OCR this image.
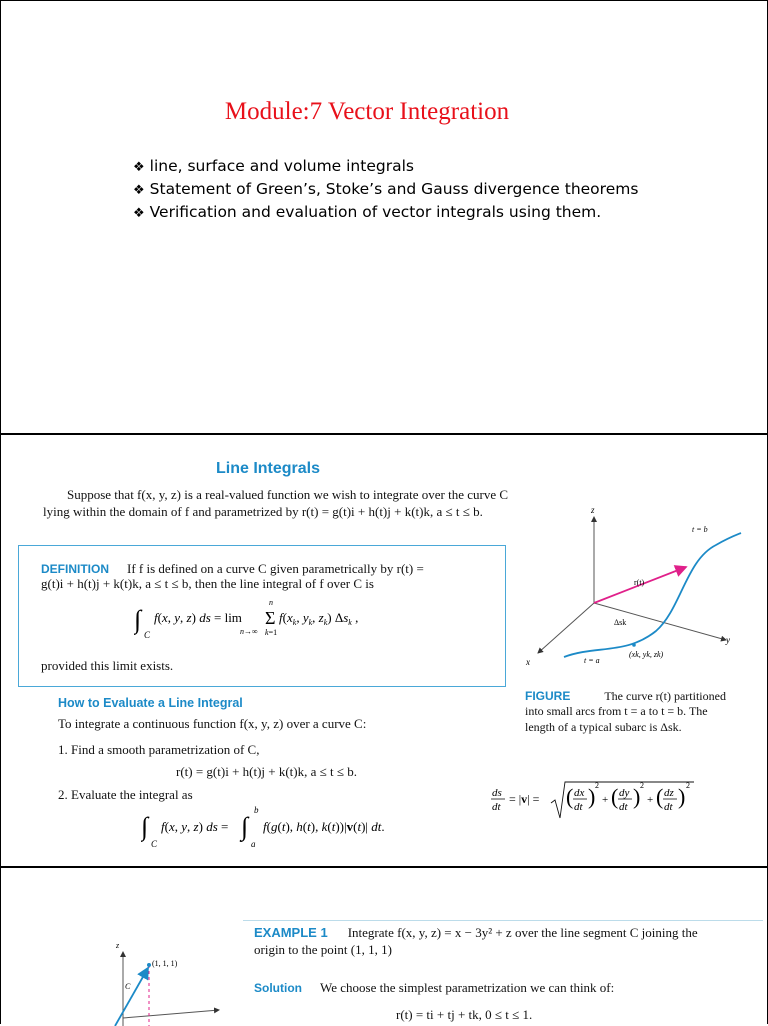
Module:7 Vector Integration
❖ line, surface and volume integrals
❖ Statement of Green’s, Stoke’s and Gauss divergence theorems
❖ Verification and evaluation of vector integrals using them.
Line Integrals
Suppose that f(x, y, z) is a real-valued function we wish to integrate over the curve C
lying within the domain of f and parametrized by r(t) = g(t)i + h(t)j + k(t)k, a ≤ t ≤ b.
DEFINITION If f is defined on a curve C given parametrically by r(t) =
g(t)i + h(t)j + k(t)k, a ≤ t ≤ b, then the line integral of f over C is
∫
C
f(x, y, z) ds = lim
n→∞
n
Σ
k=1
$f(x_k$, $y_k$, $z_k$) $\Delta s_k$ ,
provided this limit exists.
How to Evaluate a Line Integral
To integrate a continuous function f(x, y, z) over a curve C:
1. Find a smooth parametrization of C,
r(t) = g(t)i + h(t)j + k(t)k, a ≤ t ≤ b.
2. Evaluate the integral as
∫
C
f(x, y, z) ds = ∫
b
a
f(g(t), h(t), k(t))|v(t)| dt.
ds
dt
= |v| = ( dx
dt ) 2
+ ( dy
dt ) 2
+ ( dz
dt ) 2
z
y
x
t = b
t = a
r(t)
Δsk
(xk, yk, zk)
FIGURE	The curve r(t) partitioned
into small arcs from t = a to t = b. The
length of a typical subarc is Δsk.
EXAMPLE 1 Integrate f(x, y, z) = x − 3y² + z over the line segment C joining the
origin to the point (1, 1, 1)
Solution We choose the simplest parametrization we can think of:
r(t) = ti + tj + tk, 0 ≤ t ≤ 1.
z
(1, 1, 1)
C
